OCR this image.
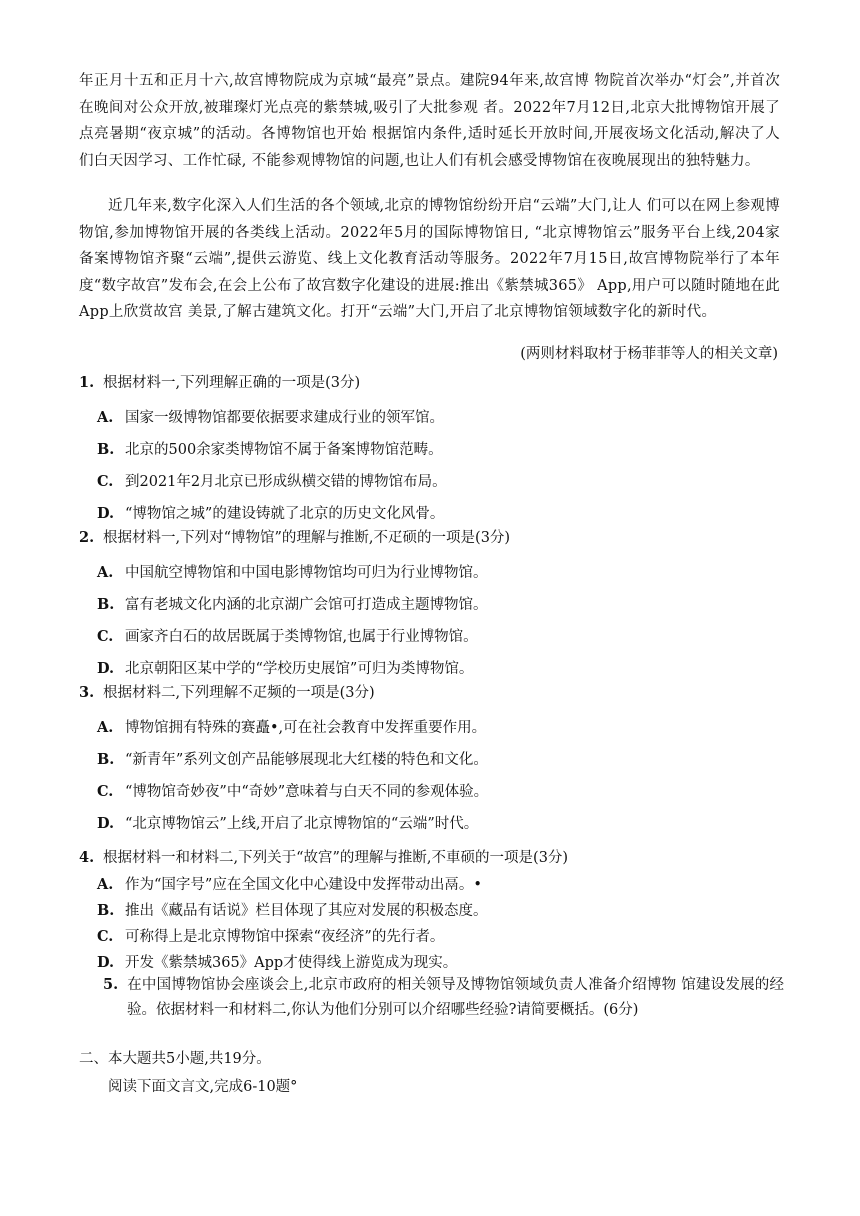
年正月十五和正月十六,故宫博物院成为京城“最亮”景点。建院94年来,故宫博 物院首次举办“灯会”,并首次在晚间对公众开放,被璀璨灯光点亮的紫禁城,吸引了大批参观 者。2022年7月12日,北京大批博物馆开展了点亮暑期“夜京城”的活动。各博物馆也开始 根据馆内条件,适时延长开放时间,开展夜场文化活动,解决了人们白天因学习、工作忙碌, 不能参观博物馆的问题,也让人们有机会感受博物馆在夜晚展现出的独特魅力。

近几年来,数字化深入人们生活的各个领域,北京的博物馆纷纷开启“云端”大门,让人 们可以在网上参观博物馆,参加博物馆开展的各类线上活动。2022年5月的国际博物馆日, “北京博物馆云”服务平台上线,204家备案博物馆齐聚“云端”,提供云游览、线上文化教育活动等服务。2022年7月15日,故宫博物院举行了本年度“数字故宫”发布会,在会上公布了故宫数字化建设的进展:推出《紫禁城365》 App,用户可以随时随地在此App上欣赏故宫 美景,了解古建筑文化。打开“云端”大门,开启了北京博物馆领域数字化的新时代。

(两则材料取材于杨菲菲等人的相关文章)

1. 根据材料一,下列理解正确的一项是(3分)

A. 国家一级博物馆都要依据要求建成行业的领军馆。

B. 北京的500余家类博物馆不属于备案博物馆范畴。

C. 到2021年2月北京已形成纵横交错的博物馆布局。

D. “博物馆之城”的建设铸就了北京的历史文化风骨。

2. 根据材料一,下列对“博物馆”的理解与推断,不疋硕的一项是(3分)

A. 中国航空博物馆和中国电影博物馆均可归为行业博物馆。

B. 富有老城文化内涵的北京湖广会馆可打造成主题博物馆。

C. 画家齐白石的故居既属于类博物馆,也属于行业博物馆。

D. 北京朝阳区某中学的“学校历史展馆”可归为类博物馆。

3. 根据材料二,下列理解不疋频的一项是(3分)

A. 博物馆拥有特殊的赛矗•,可在社会教育中发挥重要作用。

B. “新青年”系列文创产品能够展现北大红楼的特色和文化。

C. “博物馆奇妙夜”中“奇妙”意味着与白天不同的参观体验。

D. “北京博物馆云”上线,开启了北京博物馆的“云端”时代。

4. 根据材料一和材料二,下列关于“故宫”的理解与推断,不車硕的一项是(3分)

A. 作为“国字号”应在全国文化中心建设中发挥带动出鬲。•

B. 推出《藏品有话说》栏目体现了其应对发展的积极态度。

C. 可称得上是北京博物馆中探索“夜经济”的先行者。

D. 开发《紫禁城365》App才使得线上游览成为现实。

5. 在中国博物馆协会座谈会上,北京市政府的相关领导及博物馆领域负责人准备介绍博物 馆建设发展的经验。依据材料一和材料二,你认为他们分别可以介绍哪些经验?请简要概括。(6分)

二、本大题共5小题,共19分。

阅读下面文言文,完成6-10题°
